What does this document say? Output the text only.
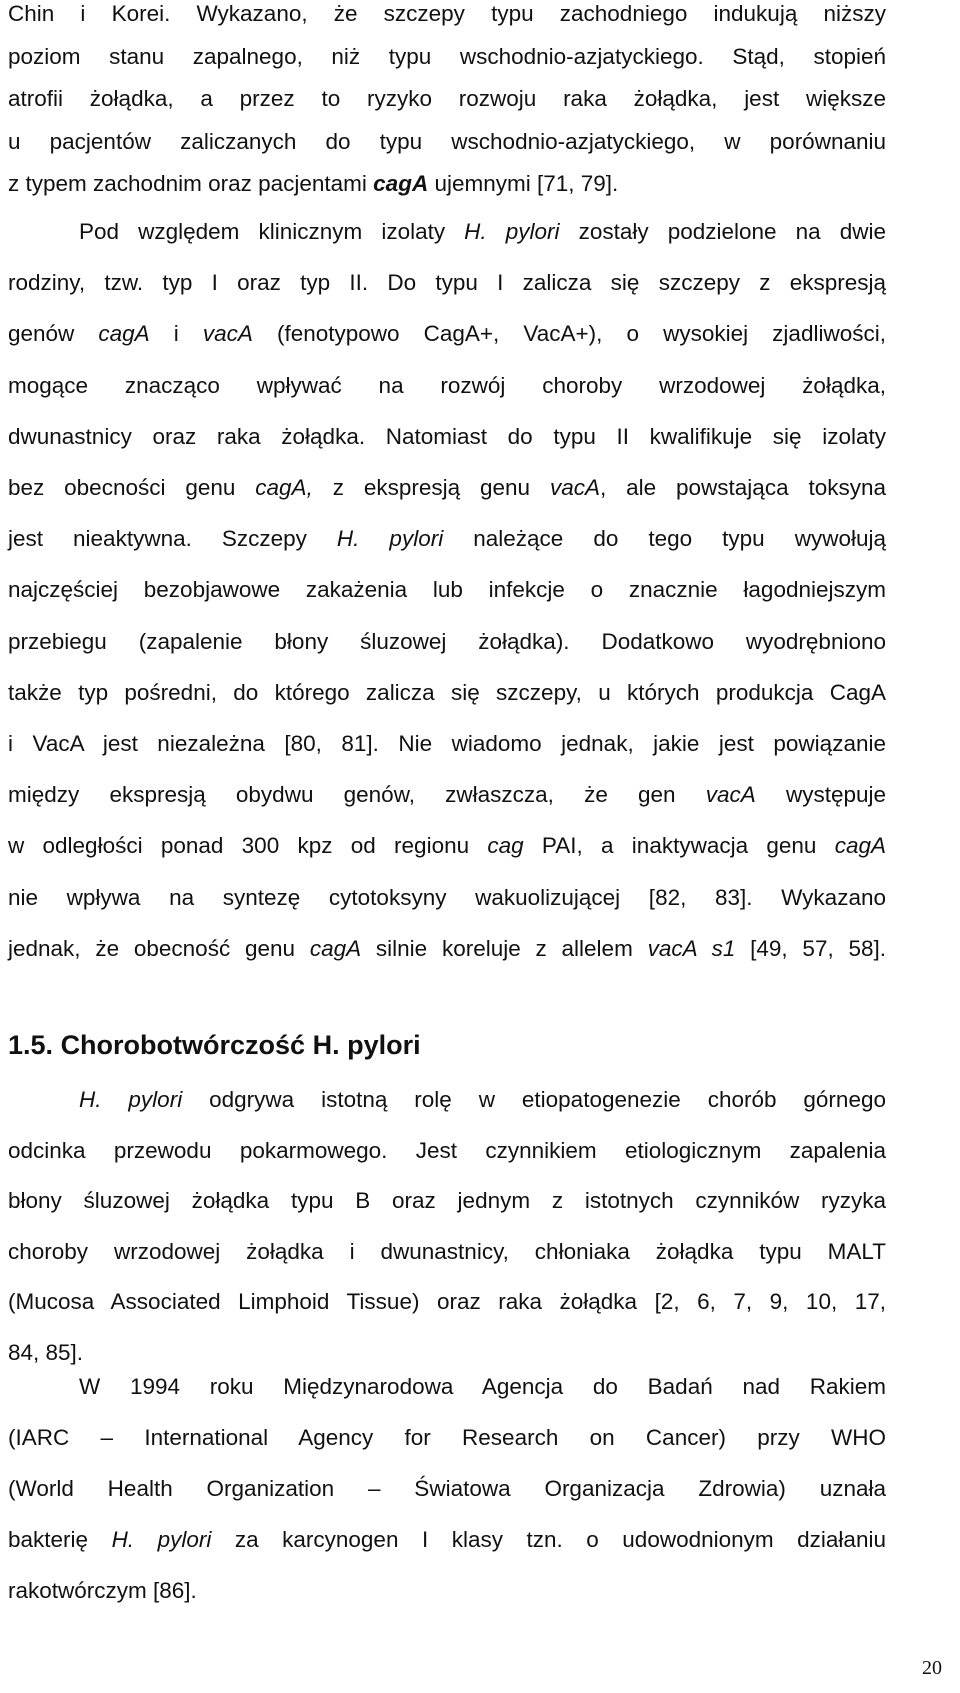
Chin i Korei. Wykazano, że szczepy typu zachodniego indukują niższy
poziom stanu zapalnego, niż typu wschodnio-azjatyckiego. Stąd, stopień
atrofii żołądka, a przez to ryzyko rozwoju raka żołądka, jest większe
u pacjentów zaliczanych do typu wschodnio-azjatyckiego, w porównaniu
z typem zachodnim oraz pacjentami cagA ujemnymi [71, 79].
Pod względem klinicznym izolaty H. pylori zostały podzielone na dwie
rodziny, tzw. typ I oraz typ II. Do typu I zalicza się szczepy z ekspresją
genów cagA i vacA (fenotypowo CagA+, VacA+), o wysokiej zjadliwości,
mogące znacząco wpływać na rozwój choroby wrzodowej żołądka,
dwunastnicy oraz raka żołądka. Natomiast do typu II kwalifikuje się izolaty
bez obecności genu cagA, z ekspresją genu vacA, ale powstająca toksyna
jest nieaktywna. Szczepy H. pylori należące do tego typu wywołują
najczęściej bezobjawowe zakażenia lub infekcje o znacznie łagodniejszym
przebiegu (zapalenie błony śluzowej żołądka). Dodatkowo wyodrębniono
także typ pośredni, do którego zalicza się szczepy, u których produkcja CagA
i VacA jest niezależna [80, 81]. Nie wiadomo jednak, jakie jest powiązanie
między ekspresją obydwu genów, zwłaszcza, że gen vacA występuje
w odległości ponad 300 kpz od regionu cag PAI, a inaktywacja genu cagA
nie wpływa na syntezę cytotoksyny wakuolizującej [82, 83]. Wykazano
jednak, że obecność genu cagA silnie koreluje z allelem vacA s1 [49, 57, 58].
1.5. Chorobotwórczość H. pylori
H. pylori odgrywa istotną rolę w etiopatogenezie chorób górnego
odcinka przewodu pokarmowego. Jest czynnikiem etiologicznym zapalenia
błony śluzowej żołądka typu B oraz jednym z istotnych czynników ryzyka
choroby wrzodowej żołądka i dwunastnicy, chłoniaka żołądka typu MALT
(Mucosa Associated Limphoid Tissue) oraz raka żołądka [2, 6, 7, 9, 10, 17,
84, 85].
W 1994 roku Międzynarodowa Agencja do Badań nad Rakiem
(IARC – International Agency for Research on Cancer) przy WHO
(World Health Organization – Światowa Organizacja Zdrowia) uznała
bakterię H. pylori za karcynogen I klasy tzn. o udowodnionym działaniu
rakotwórczym [86].
20
